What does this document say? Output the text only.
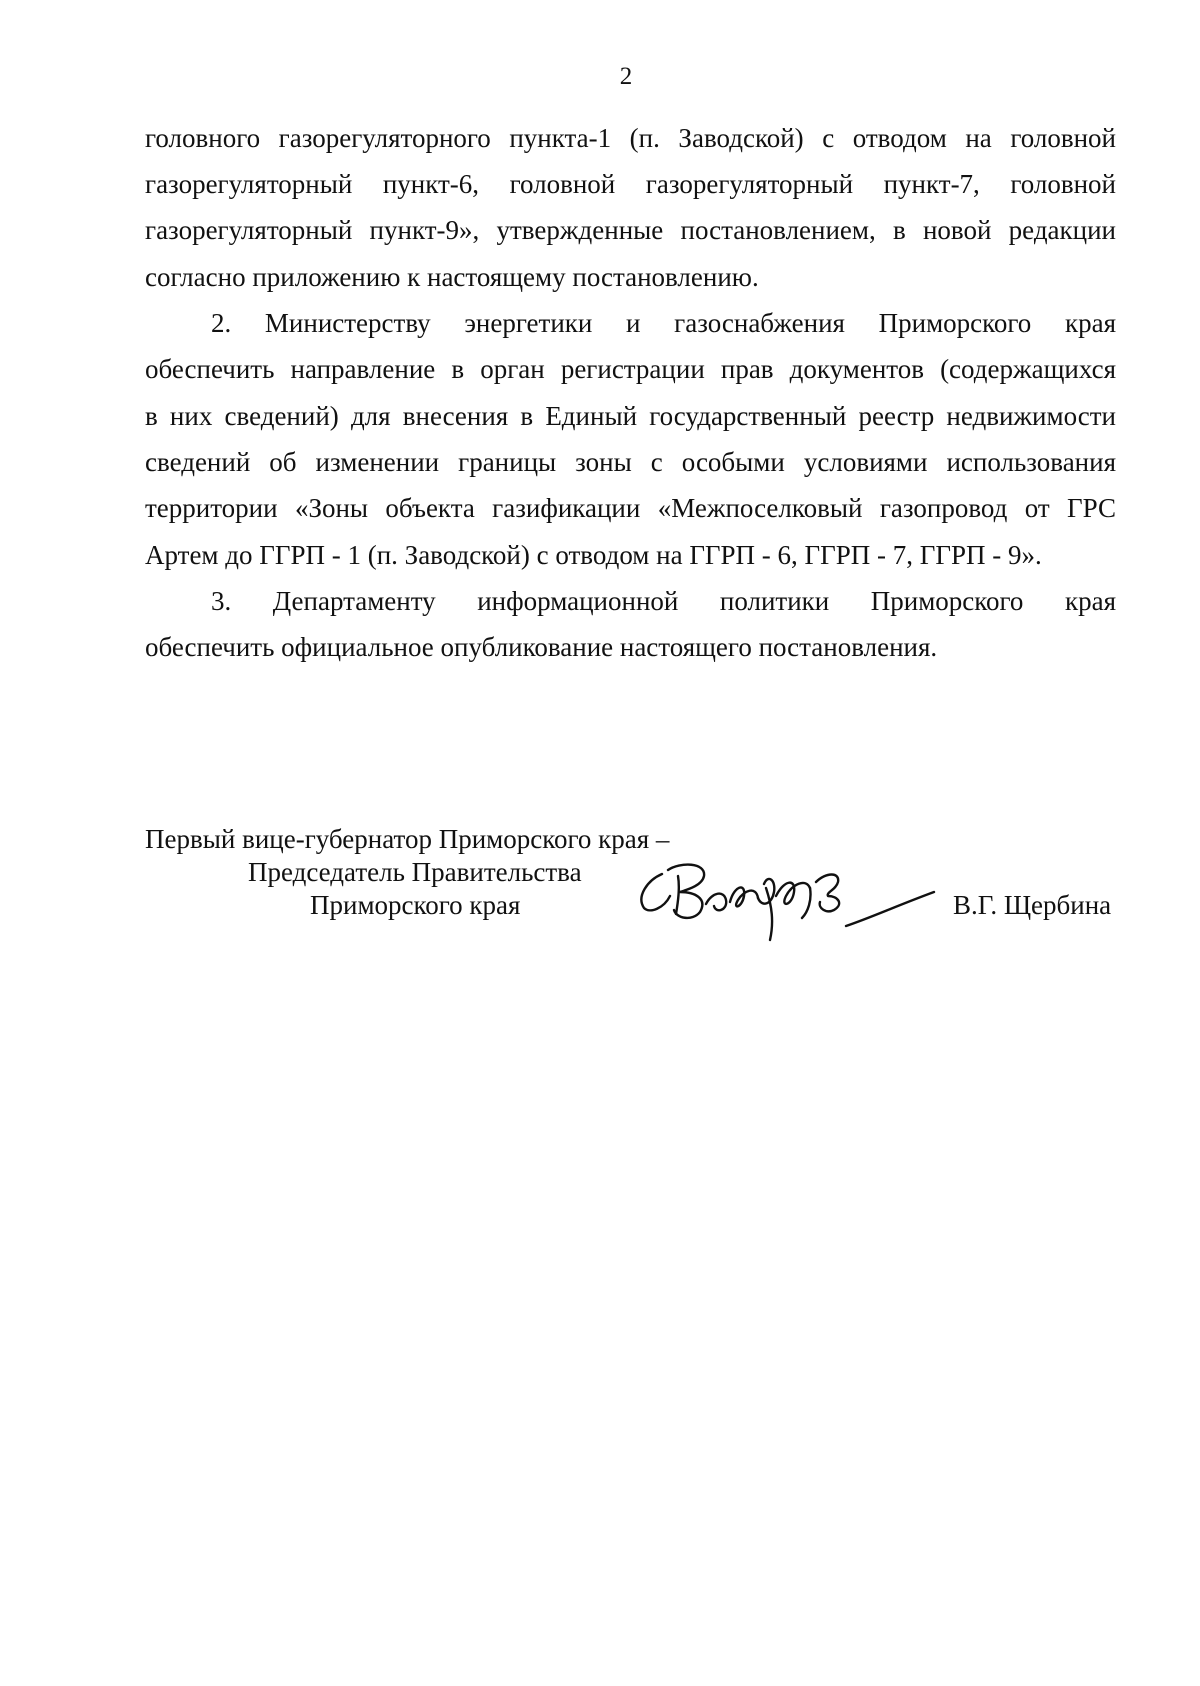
2
головного газорегуляторного пункта-1 (п. Заводской) с отводом на головной
газорегуляторный пункт-6, головной газорегуляторный пункт-7, головной
газорегуляторный пункт-9», утвержденные постановлением, в новой редакции
согласно приложению к настоящему постановлению.
2. Министерству энергетики и газоснабжения Приморского края
обеспечить направление в орган регистрации прав документов (содержащихся
в них сведений) для внесения в Единый государственный реестр недвижимости
сведений об изменении границы зоны с особыми условиями использования
территории «Зоны объекта газификации «Межпоселковый газопровод от ГРС
Артем до ГГРП - 1 (п. Заводской) с отводом на ГГРП - 6, ГГРП - 7, ГГРП - 9».
3. Департаменту информационной политики Приморского края
обеспечить официальное опубликование настоящего постановления.
Первый вице-губернатор Приморского края –
Председатель Правительства
Приморского края	В.Г. Щербина
